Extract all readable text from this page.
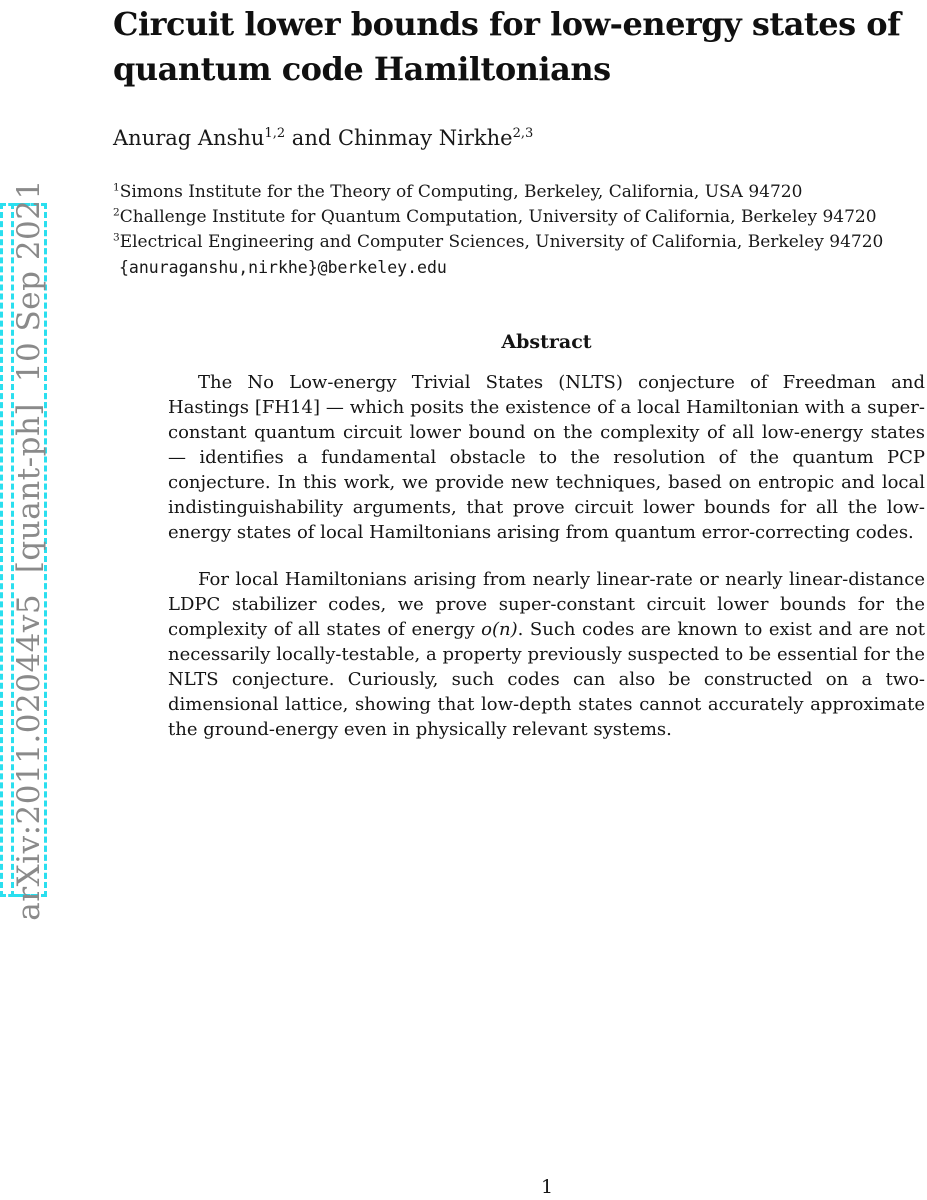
arXiv:2011.02044v5  [quant-ph]  10 Sep 2021
Circuit lower bounds for low-energy states of
quantum code Hamiltonians
Anurag Anshu$^{1,2}$ and Chinmay Nirkhe$^{2,3}$
$^1$Simons Institute for the Theory of Computing, Berkeley, California, USA 94720
$^2$Challenge Institute for Quantum Computation, University of California, Berkeley 94720
$^3$Electrical Engineering and Computer Sciences, University of California, Berkeley 94720
{anuraganshu,nirkhe}@berkeley.edu
Abstract

The No Low-energy Trivial States (NLTS) conjecture of Freedman and Hastings [FH14] — which posits the existence of a local Hamiltonian with a super-constant quantum circuit lower bound on the complexity of all low-energy states — identifies a fundamental obstacle to the resolution of the quantum PCP conjecture. In this work, we provide new techniques, based on entropic and local indistinguishability arguments, that prove circuit lower bounds for all the low-energy states of local Hamiltonians arising from quantum error-correcting codes.

For local Hamiltonians arising from nearly linear-rate or nearly linear-distance LDPC stabilizer codes, we prove super-constant circuit lower bounds for the complexity of all states of energy o(n). Such codes are known to exist and are not necessarily locally-testable, a property previously suspected to be essential for the NLTS conjecture. Curiously, such codes can also be constructed on a two-dimensional lattice, showing that low-depth states cannot accurately approximate the ground-energy even in physically relevant systems.

1
